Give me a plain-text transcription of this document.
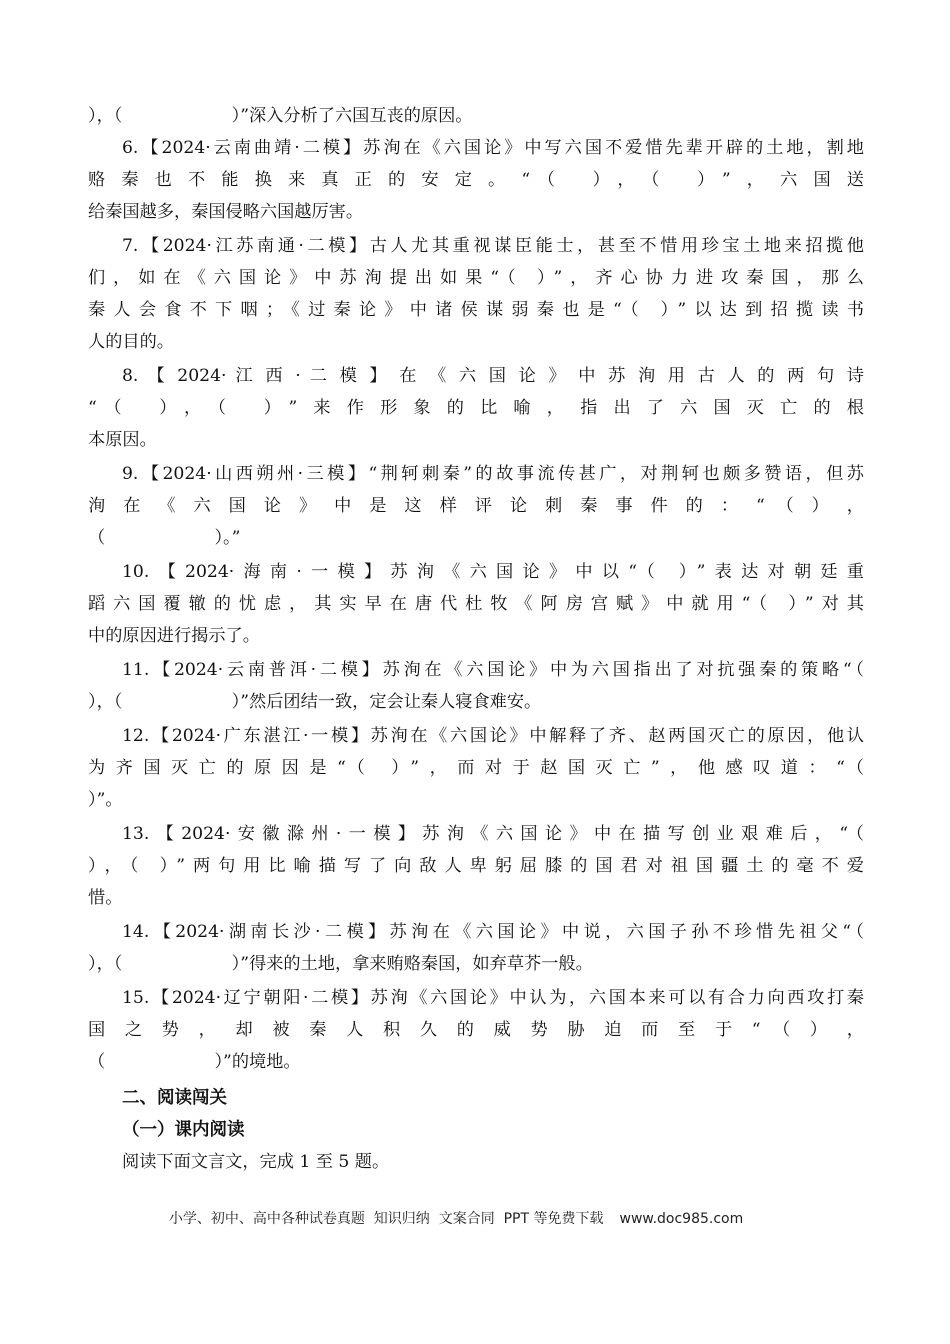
），（                    ）”深入分析了六国互丧的原因。
6.【2024·云南曲靖·二模】苏洵在《六国论》中写六国不爱惜先辈开辟的土地，割地
赂秦也不能换来真正的安定。“（ ），（ ）”，六国送
给秦国越多，秦国侵略六国越厉害。
7.【2024·江苏南通·二模】古人尤其重视谋臣能士，甚至不惜用珍宝土地来招揽他
们，如在《六国论》中苏洵提出如果“（ ）”，齐心协力进攻秦国，那么
秦人会食不下咽；《过秦论》中诸侯谋弱秦也是“（ ）”以达到招揽读书
人的目的。
8. 【 2024· 江 西 · 二 模 】 在 《 六 国 论 》 中 苏 洵 用 古 人 的 两 句 诗
“（ ），（ ）”来作形象的比喻，指出了六国灭亡的根
本原因。
9.【2024·山西朔州·三模】“荆轲刺秦”的故事流传甚广，对荆轲也颇多赞语，但苏
洵 在 《 六 国 论 》 中 是 这 样 评 论 刺 秦 事 件 的 ： “ （ ） ，
（                    ）。”
10.【2024·海南·一模】苏洵《六国论》中以“（ ）”表达对朝廷重
蹈六国覆辙的忧虑，其实早在唐代杜牧《阿房宫赋》中就用“（ ）”对其
中的原因进行揭示了。
11.【2024·云南普洱·二模】苏洵在《六国论》中为六国指出了对抗强秦的策略“（
），（                    ）”然后团结一致，定会让秦人寝食难安。
12.【2024·广东湛江·一模】苏洵在《六国论》中解释了齐、赵两国灭亡的原因，他认
为齐国灭亡的原因是“（ ）”，而对于赵国灭亡”，他感叹道：“（
）”。
13.【2024·安徽滁州·一模】苏洵《六国论》中在描写创业艰难后，“（
），（ ）”两句用比喻描写了向敌人卑躬屈膝的国君对祖国疆土的毫不爱
惜。
14.【2024·湖南长沙·二模】苏洵在《六国论》中说，六国子孙不珍惜先祖父“（
），（                    ）”得来的土地，拿来贿赂秦国，如弃草芥一般。
15.【2024·辽宁朝阳·二模】苏洵《六国论》中认为，六国本来可以有合力向西攻打秦
国 之 势 ， 却 被 秦 人 积 久 的 威 势 胁 迫 而 至 于 “ （ ） ，
（                    ）”的境地。
二、阅读闯关
（一）课内阅读
阅读下面文言文，完成 1 至 5 题。

小学、初中、高中各种试卷真题  知识归纳  文案合同  PPT 等免费下载 www.doc985.com
